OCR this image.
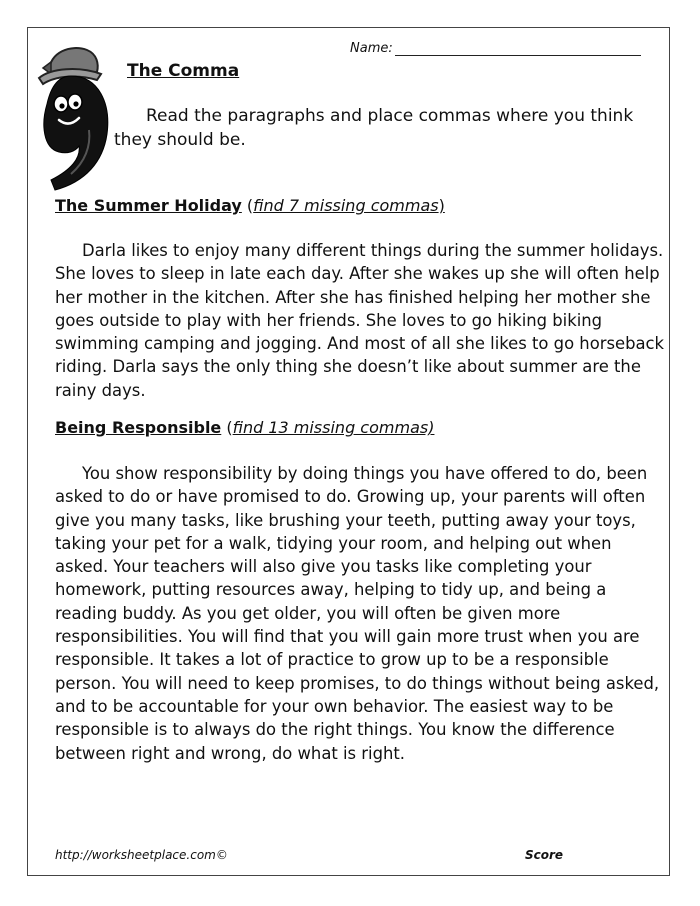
Name:
The Comma
Read the paragraphs and place commas where you think they should be.
The Summer Holiday (find 7 missing commas)

Darla likes to enjoy many different things during the summer holidays. She loves to sleep in late each day. After she wakes up she will often help her mother in the kitchen. After she has finished helping her mother she goes outside to play with her friends. She loves to go hiking biking swimming camping and jogging. And most of all she likes to go horseback riding. Darla says the only thing she doesn’t like about summer are the rainy days.

Being Responsible (find 13 missing commas)

You show responsibility by doing things you have offered to do, been asked to do or have promised to do. Growing up, your parents will often give you many tasks, like brushing your teeth, putting away your toys, taking your pet for a walk, tidying your room, and helping out when asked. Your teachers will also give you tasks like completing your homework, putting resources away, helping to tidy up, and being a reading buddy. As you get older, you will often be given more responsibilities. You will find that you will gain more trust when you are responsible. It takes a lot of practice to grow up to be a responsible person. You will need to keep promises, to do things without being asked, and to be accountable for your own behavior. The easiest way to be responsible is to always do the right things. You know the difference between right and wrong, do what is right.

http://worksheetplace.com©	Score
